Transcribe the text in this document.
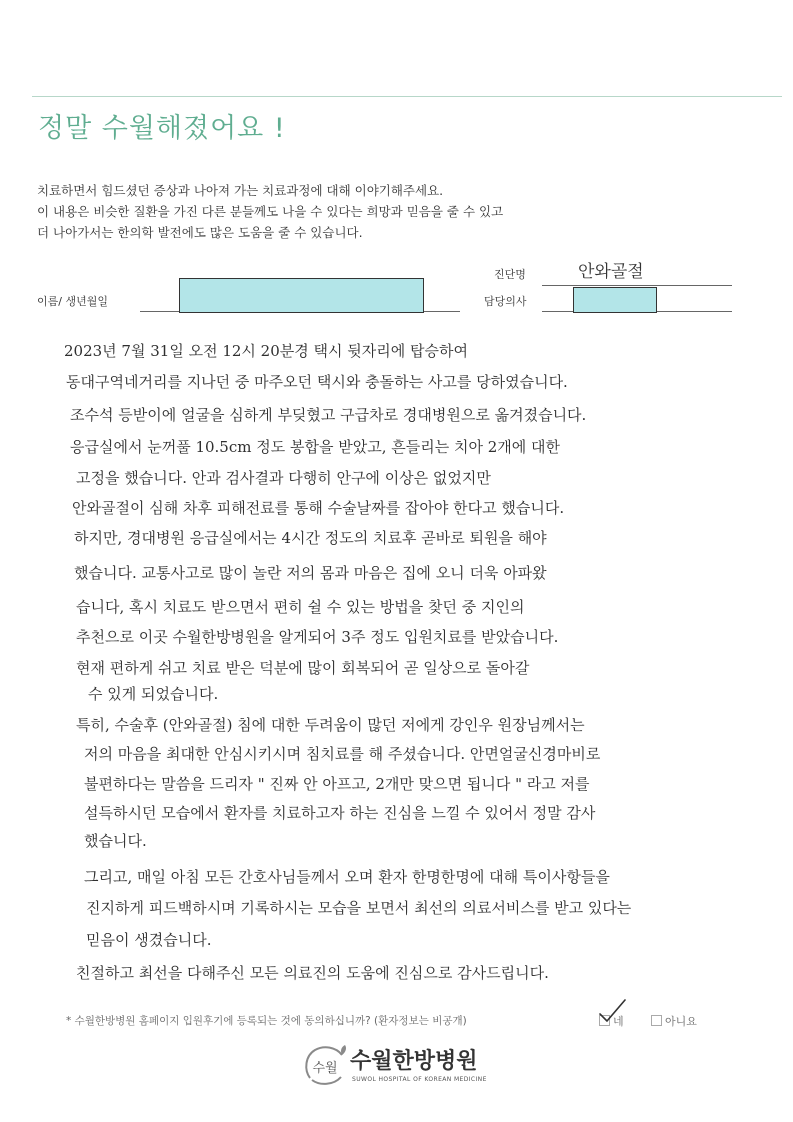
정말 수월해졌어요 !
치료하면서 힘드셨던 증상과 나아져 가는 치료과정에 대해 이야기해주세요.
이 내용은 비슷한 질환을 가진 다른 분들께도 나을 수 있다는 희망과 믿음을 줄 수 있고
더 나아가서는 한의학 발전에도 많은 도움을 줄 수 있습니다.
진단명	안와골절
이름/ 생년월일	담당의사
2023년 7월 31일 오전 12시 20분경 택시 뒷자리에 탑승하여
동대구역네거리를 지나던 중 마주오던 택시와 충돌하는 사고를 당하였습니다.
조수석 등받이에 얼굴을 심하게 부딪혔고 구급차로 경대병원으로 옮겨졌습니다.
응급실에서 눈꺼풀 10.5cm 정도 봉합을 받았고, 흔들리는 치아 2개에 대한
고정을 했습니다. 안과 검사결과 다행히 안구에 이상은 없었지만
안와골절이 심해 차후 피해전료를 통해 수술날짜를 잡아야 한다고 했습니다.
하지만, 경대병원 응급실에서는 4시간 정도의 치료후 곧바로 퇴원을 해야
했습니다. 교통사고로 많이 놀란 저의 몸과 마음은 집에 오니 더욱 아파왔
습니다, 혹시 치료도 받으면서 편히 쉴 수 있는 방법을 찾던 중 지인의
추천으로 이곳 수월한방병원을 알게되어 3주 정도 입원치료를 받았습니다.
현재 편하게 쉬고 치료 받은 덕분에 많이 회복되어 곧 일상으로 돌아갈
수 있게 되었습니다.
특히, 수술후 (안와골절) 침에 대한 두려움이 많던 저에게 강인우 원장님께서는
저의 마음을 최대한 안심시키시며 침치료를 해 주셨습니다. 안면얼굴신경마비로
불편하다는 말씀을 드리자 " 진짜 안 아프고, 2개만 맞으면 됩니다 " 라고 저를
설득하시던 모습에서 환자를 치료하고자 하는 진심을 느낄 수 있어서 정말 감사
했습니다.
그리고, 매일 아침 모든 간호사님들께서 오며 환자 한명한명에 대해 특이사항들을
진지하게 피드백하시며 기록하시는 모습을 보면서 최선의 의료서비스를 받고 있다는
믿음이 생겼습니다.
친절하고 최선을 다해주신 모든 의료진의 도움에 진심으로 감사드립니다.
* 수월한방병원 홈페이지 입원후기에 등록되는 것에 동의하십니까? (환자정보는 비공개)	네	아니요
수월 수월한방병원
SUWOL HOSPITAL OF KOREAN MEDICINE
